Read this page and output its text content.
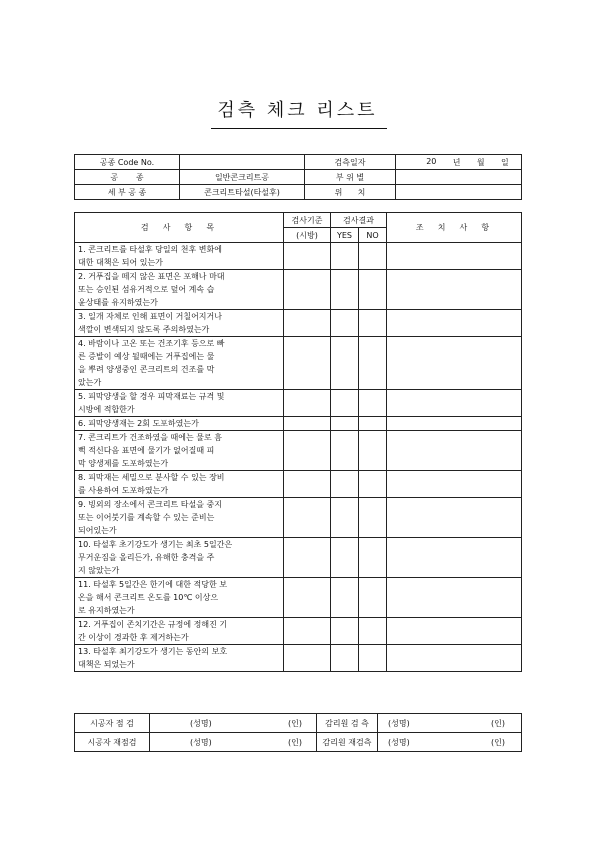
검측 체크 리스트
공종 Code No.		검측일자	20 년 월 일

공       종	일반콘크리트공	부 위 별	
세 부 공 종	콘크리트타설(타설후)	위      치	
검  사  항  목	검사기준	검사결과		조  치  사  항
	(시방)	YES	NO	

1. 콘크리트를 타설후 당일의 천후 변화에
대한 대책은 되어 있는가				

2. 거푸집을 떼지 않은 표면은 포해나 마대
또는 승인된 섬유거적으로 덮어 계속 습
윤상태를 유지하였는가				

3. 일개 자체로 인해 표면이 거칠어지거나
색깔이 변색되지 않도록 주의하였는가				

4. 바람이나 고온 또는 건조기후 등으로 빠
른 증발이 예상 될때에는 거푸집에는 물
을 뿌려 양생중인 콘크리트의 건조를 막
았는가				

5. 피막양생을 할 경우 피막재료는 규격 및
시방에 적합한가				

6. 피막양생재는 2회 도포하였는가				

7. 콘크리트가 건조하였을 때에는 물로 흠
뻑 적신다음 표면에 물기가 없어질때 피
막 양생제를 도포하였는가				

8. 피막재는 세밀으로 분사할 수 있는 장비
를 사용하여 도포하였는가				

9. 빙외의 장소에서 콘크리트 타설을 중지
또는 이어붓기를 계속할 수 있는 준비는
되어있는가				

10. 타설후 초기강도가 생기는 최초 5일간은
무거운짐을 올리든가, 유해한 충격을 주
지 않았는가				

11. 타설후 5일간은 한기에 대한 적당한 보
온을 해서 콘크리트 온도를 10℃ 이상으
로 유지하였는가				

12. 거푸집이 존치기간은 규정에 정해진 기
간 이상이 경과한 후 제거하는가				

13. 타설후 최기강도가 생기는 동안의 보호
대책은 되었는가				

시공자 점 검	(성명) (인)	감리원 검 측	(성명) (인)

시공자 재점검	(성명) (인)	감리원 재검측	(성명) (인)
